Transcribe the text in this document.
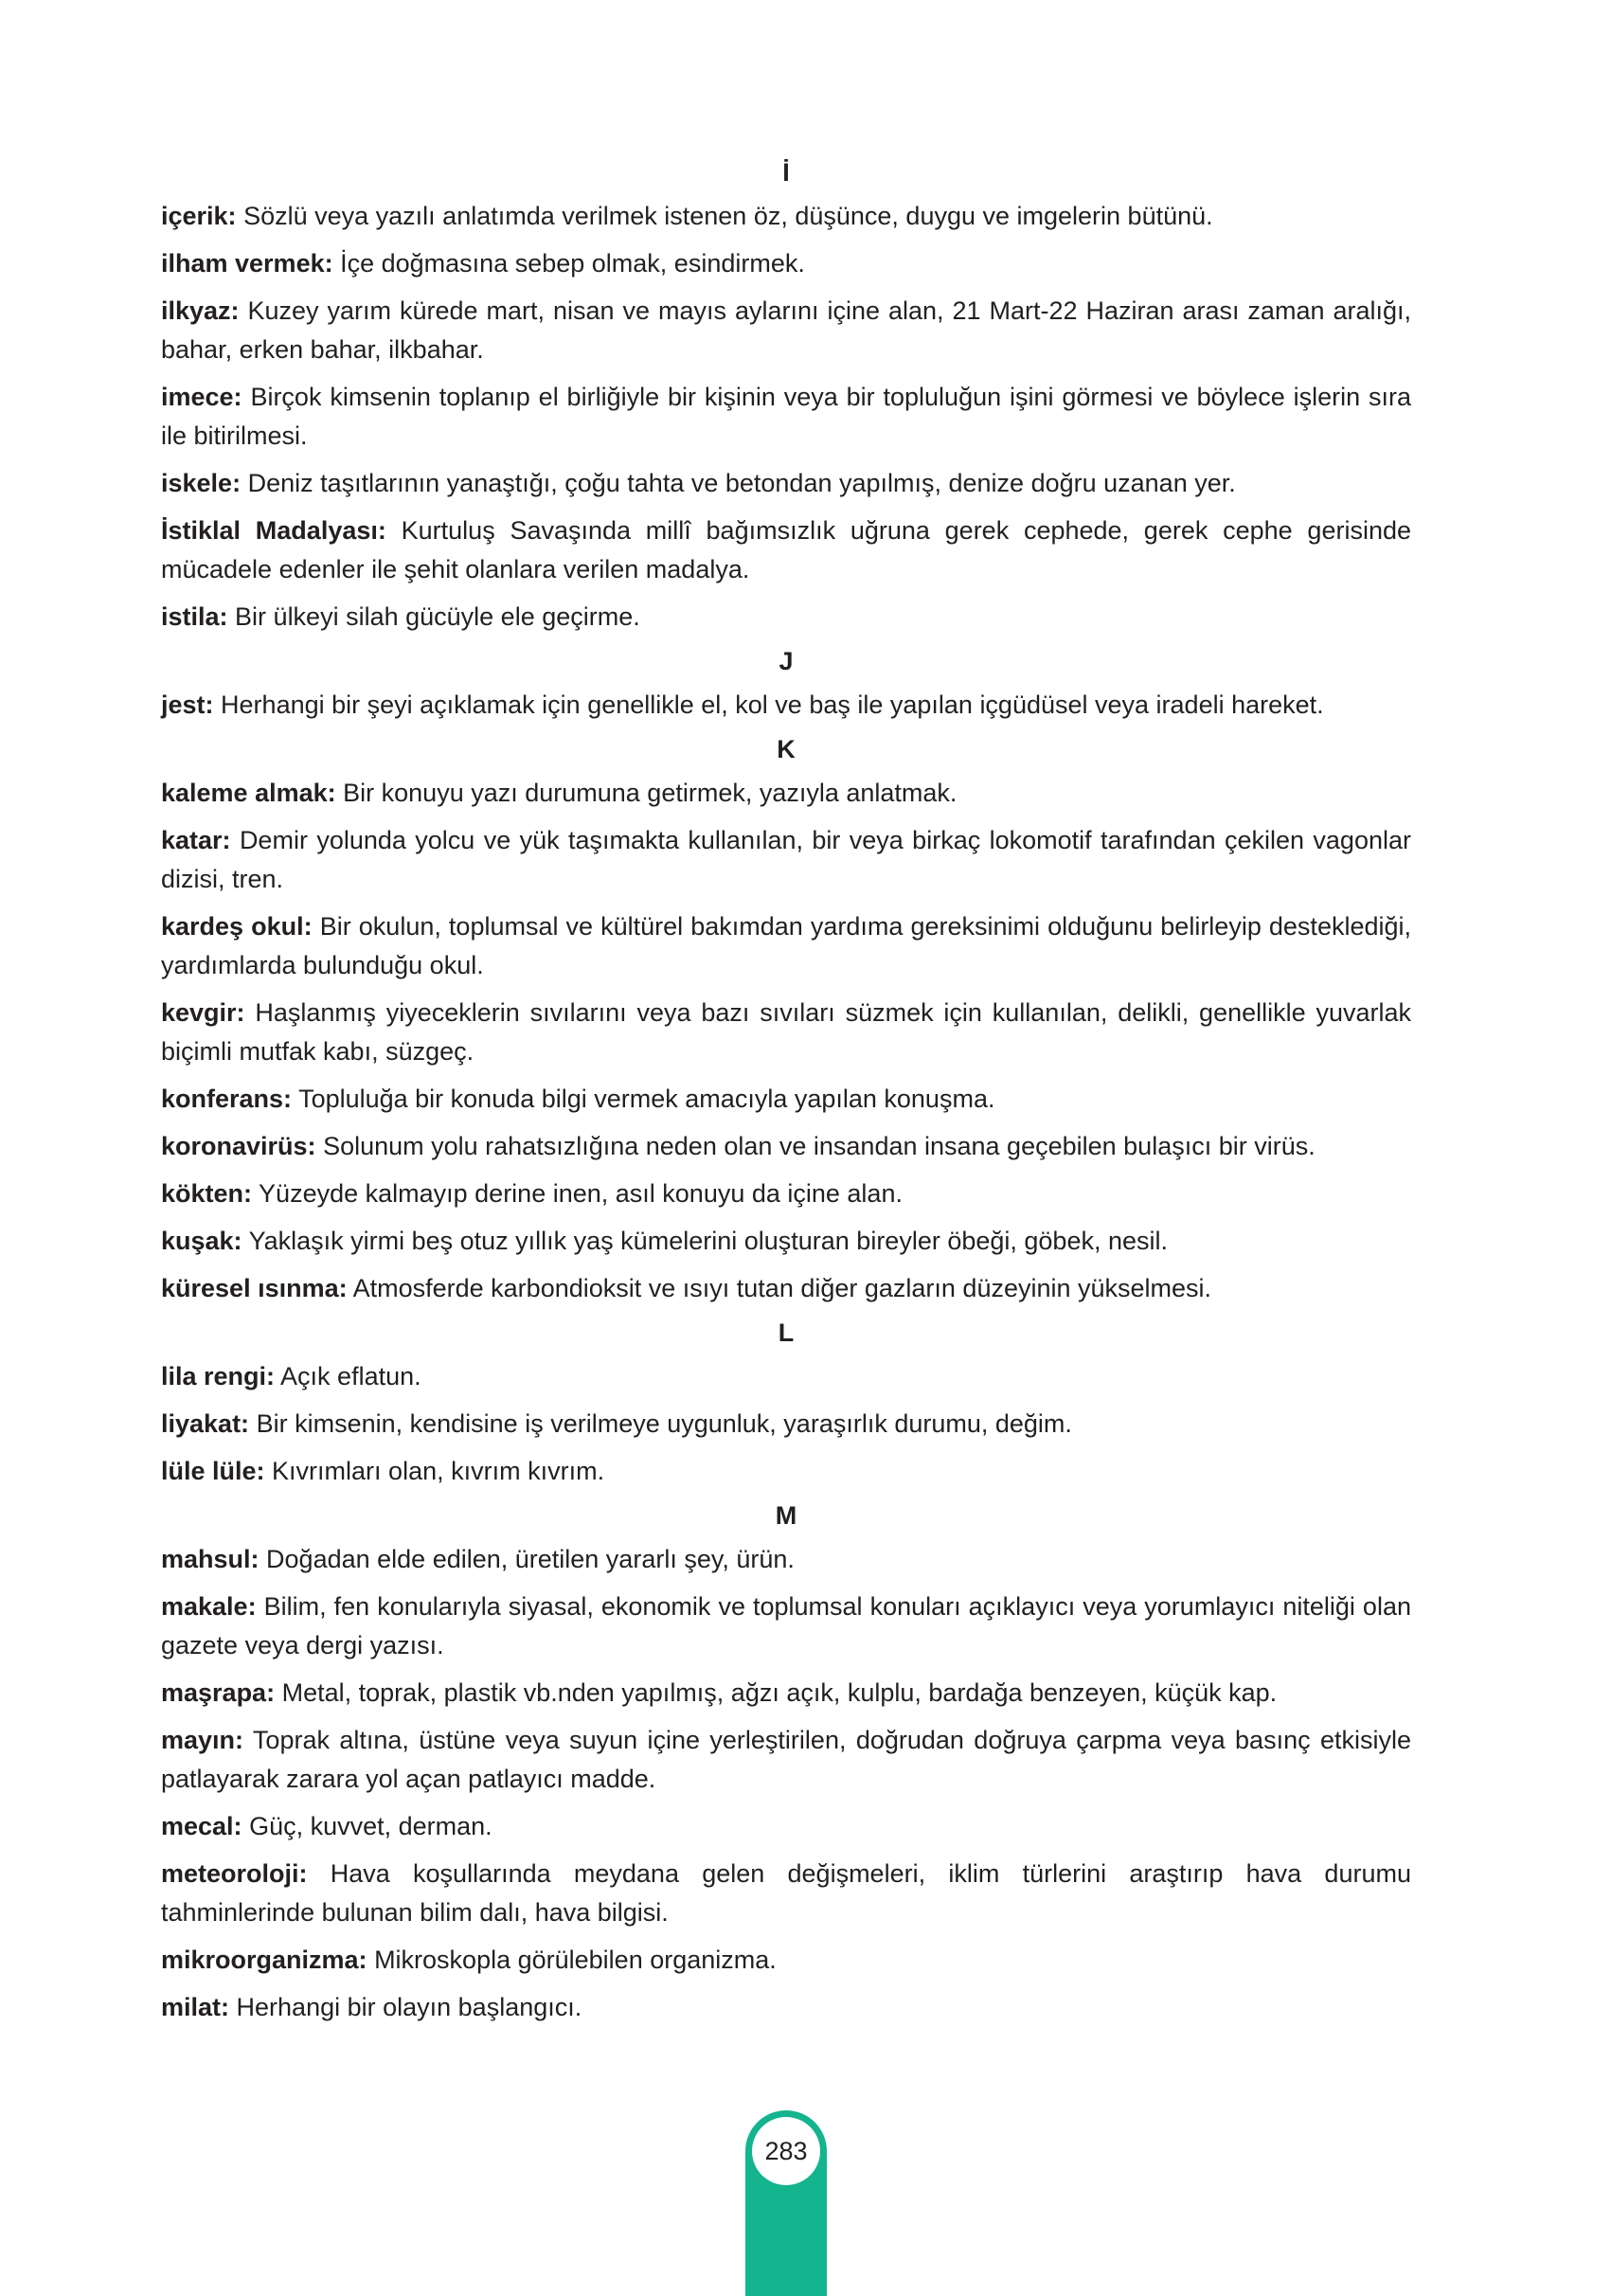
İ
içerik: Sözlü veya yazılı anlatımda verilmek istenen öz, düşünce, duygu ve imgelerin bütünü.
ilham vermek: İçe doğmasına sebep olmak, esindirmek.
ilkyaz: Kuzey yarım kürede mart, nisan ve mayıs aylarını içine alan, 21 Mart-22 Haziran arası zaman aralığı, bahar, erken bahar, ilkbahar.
imece: Birçok kimsenin toplanıp el birliğiyle bir kişinin veya bir topluluğun işini görmesi ve böylece işlerin sıra ile bitirilmesi.
iskele: Deniz taşıtlarının yanaştığı, çoğu tahta ve betondan yapılmış, denize doğru uzanan yer.
İstiklal Madalyası: Kurtuluş Savaşında millî bağımsızlık uğruna gerek cephede, gerek cephe gerisinde mücadele edenler ile şehit olanlara verilen madalya.
istila: Bir ülkeyi silah gücüyle ele geçirme.
J
jest: Herhangi bir şeyi açıklamak için genellikle el, kol ve baş ile yapılan içgüdüsel veya iradeli hareket.
K
kaleme almak: Bir konuyu yazı durumuna getirmek, yazıyla anlatmak.
katar: Demir yolunda yolcu ve yük taşımakta kullanılan, bir veya birkaç lokomotif tarafından çekilen vagonlar dizisi, tren.
kardeş okul: Bir okulun, toplumsal ve kültürel bakımdan yardıma gereksinimi olduğunu belirleyip desteklediği, yardımlarda bulunduğu okul.
kevgir: Haşlanmış yiyeceklerin sıvılarını veya bazı sıvıları süzmek için kullanılan, delikli, genellikle yuvarlak biçimli mutfak kabı, süzgeç.
konferans: Topluluğa bir konuda bilgi vermek amacıyla yapılan konuşma.
koronavirüs: Solunum yolu rahatsızlığına neden olan ve insandan insana geçebilen bulaşıcı bir virüs.
kökten: Yüzeyde kalmayıp derine inen, asıl konuyu da içine alan.
kuşak: Yaklaşık yirmi beş otuz yıllık yaş kümelerini oluşturan bireyler öbeği, göbek, nesil.
küresel ısınma: Atmosferde karbondioksit ve ısıyı tutan diğer gazların düzeyinin yükselmesi.
L
lila rengi: Açık eflatun.
liyakat: Bir kimsenin, kendisine iş verilmeye uygunluk, yaraşırlık durumu, değim.
lüle lüle: Kıvrımları olan, kıvrım kıvrım.
M
mahsul: Doğadan elde edilen, üretilen yararlı şey, ürün.
makale: Bilim, fen konularıyla siyasal, ekonomik ve toplumsal konuları açıklayıcı veya yorumlayıcı niteliği olan gazete veya dergi yazısı.
maşrapa: Metal, toprak, plastik vb.nden yapılmış, ağzı açık, kulplu, bardağa benzeyen, küçük kap.
mayın: Toprak altına, üstüne veya suyun içine yerleştirilen, doğrudan doğruya çarpma veya basınç etkisiyle patlayarak zarara yol açan patlayıcı madde.
mecal: Güç, kuvvet, derman.
meteoroloji: Hava koşullarında meydana gelen değişmeleri, iklim türlerini araştırıp hava durumu tahminlerinde bulunan bilim dalı, hava bilgisi.
mikroorganizma: Mikroskopla görülebilen organizma.
milat: Herhangi bir olayın başlangıcı.
283
